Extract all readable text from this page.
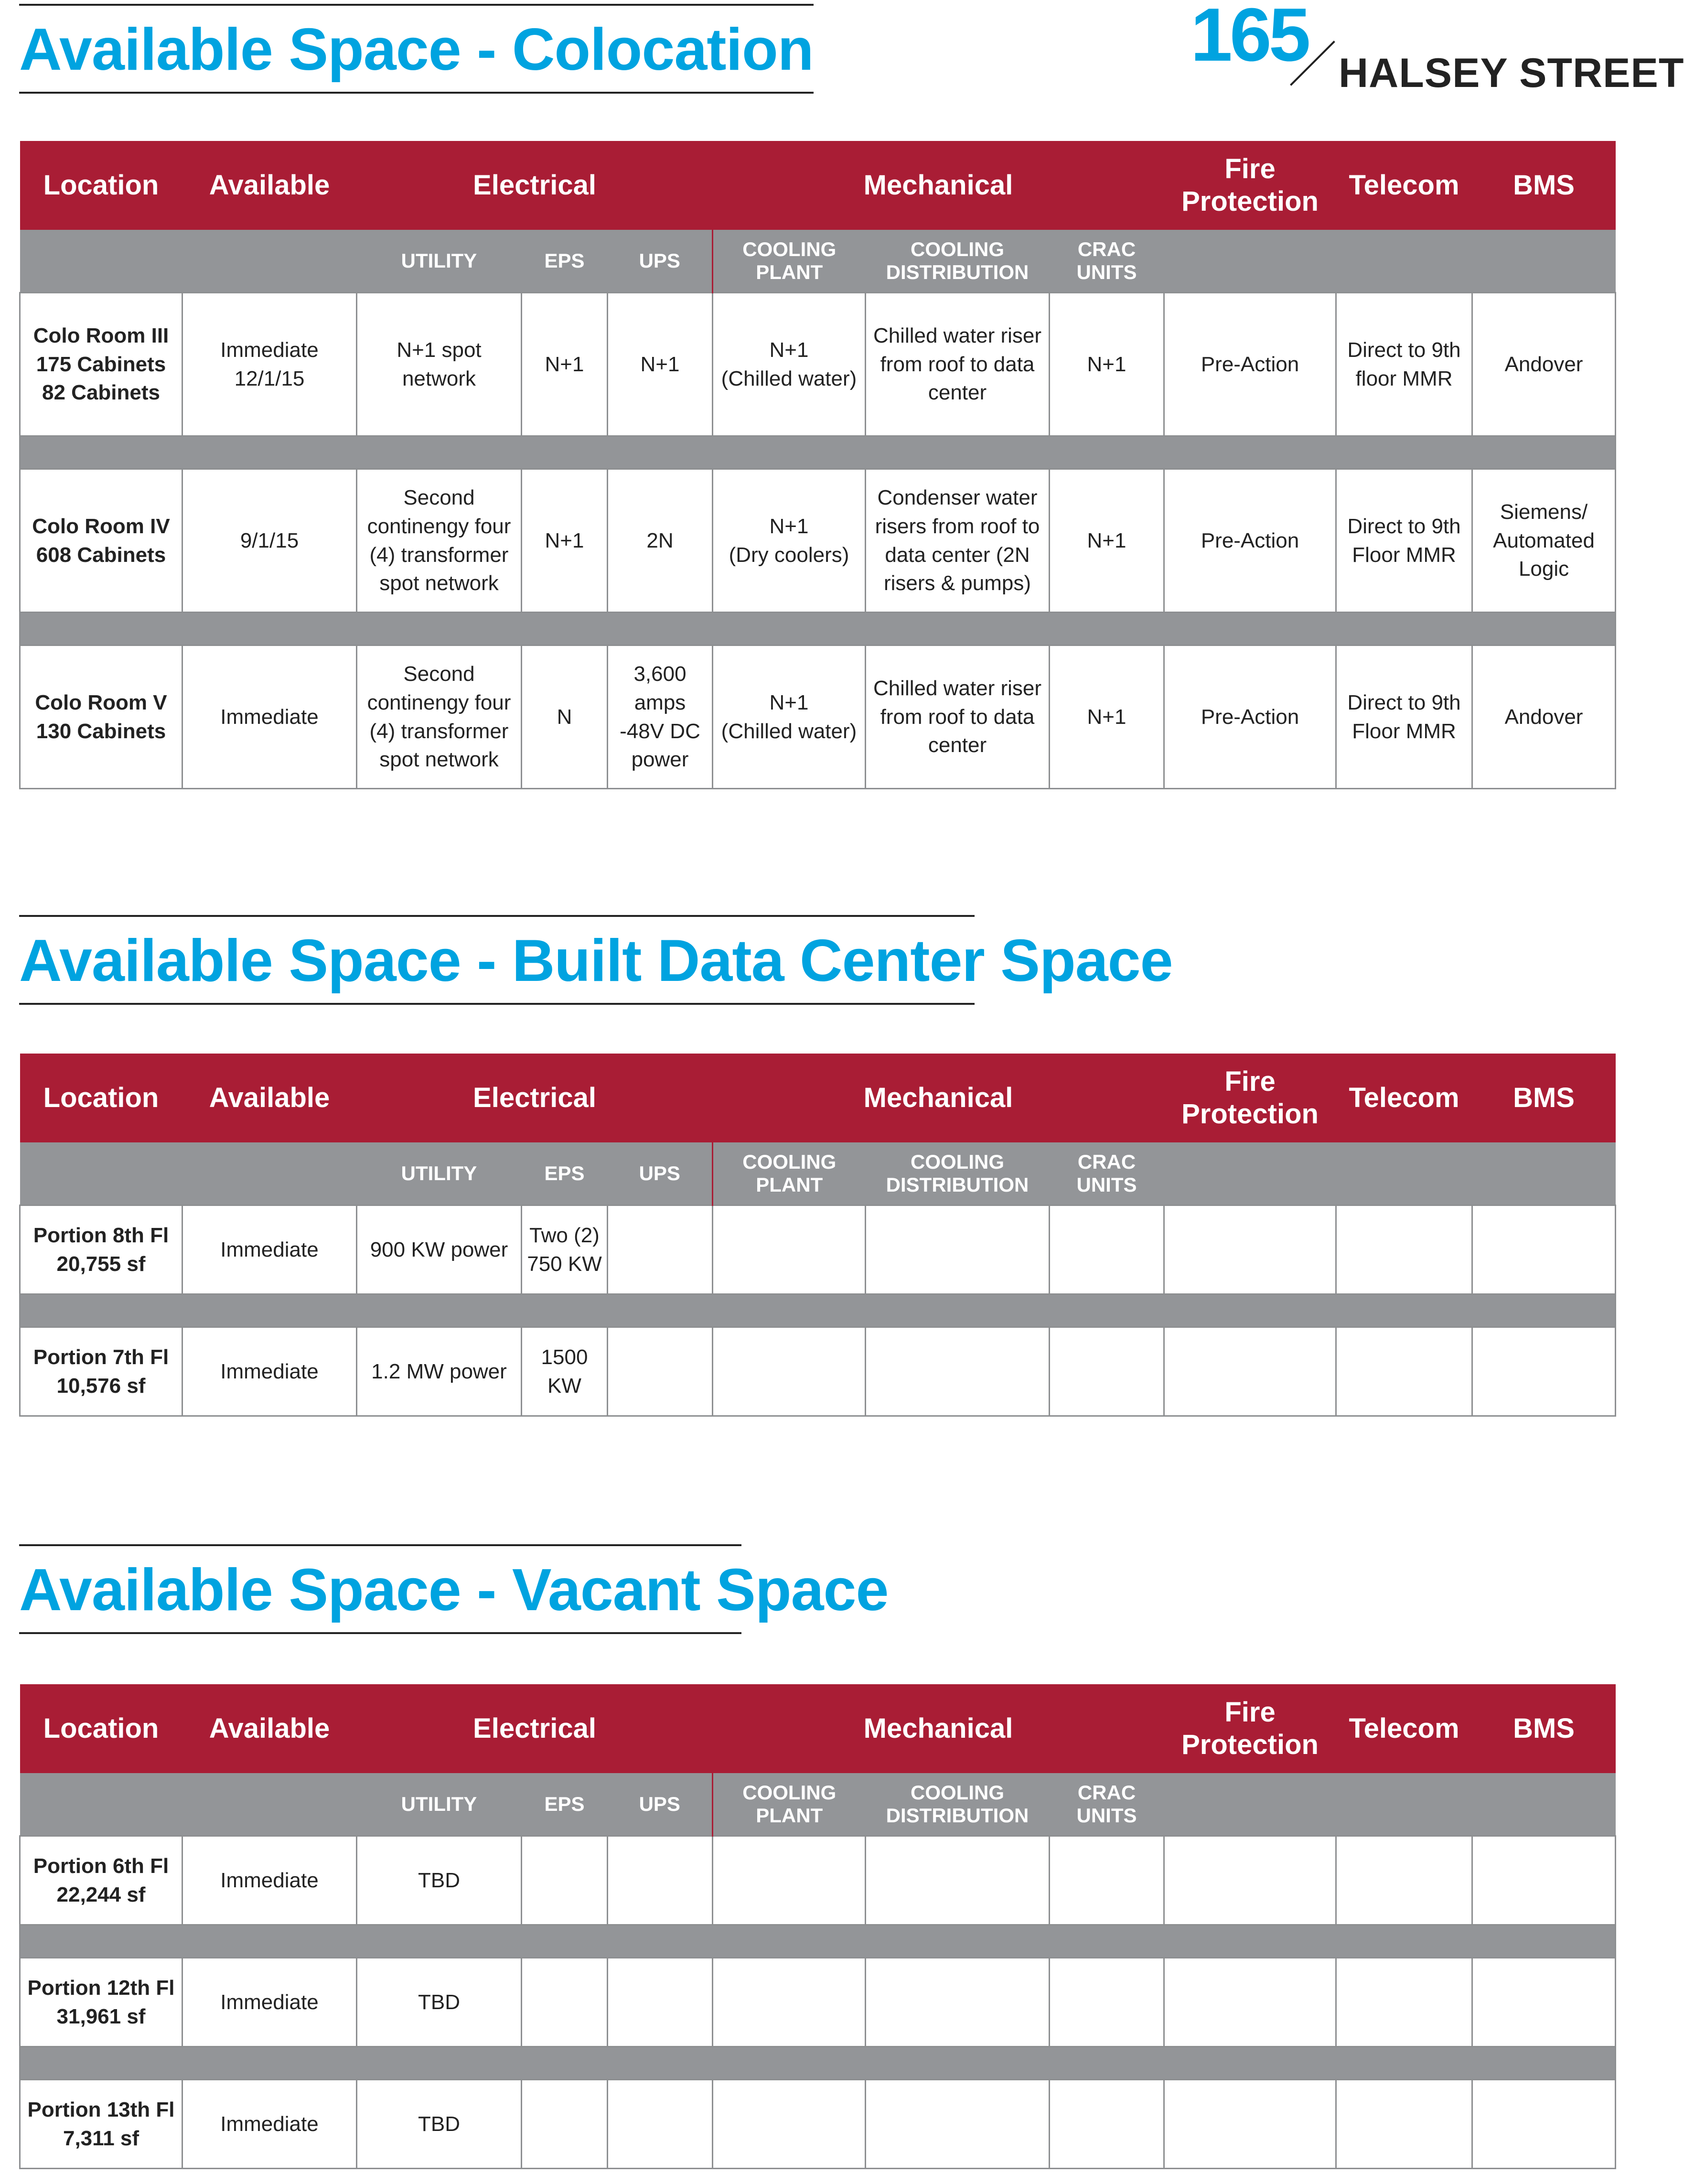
165 HALSEY STREET
Available Space - Colocation
Location	Available	Electrical			Mechanical			Fire
Protection	Telecom	BMS
		UTILITY	EPS	UPS	COOLING
PLANT	COOLING
DISTRIBUTION	CRAC
UNITS			
Colo Room III
175 Cabinets
82 Cabinets	Immediate
12/1/15	N+1 spot
network	N+1	N+1	N+1
(Chilled water)	Chilled water riser
from roof to data
center	N+1	Pre-Action	Direct to 9th
floor MMR	Andover

Colo Room IV
608 Cabinets	9/1/15	Second
continengy four
(4) transformer
spot network	N+1	2N	N+1
(Dry coolers)	Condenser water
risers from roof to
data center (2N
risers & pumps)	N+1	Pre-Action	Direct to 9th
Floor MMR	Siemens/
Automated
Logic

Colo Room V
130 Cabinets	Immediate	Second
continengy four
(4) transformer
spot network	N	3,600
amps
-48V DC
power	N+1
(Chilled water)	Chilled water riser
from roof to data
center	N+1	Pre-Action	Direct to 9th
Floor MMR	Andover
Available Space - Built Data Center Space
Location	Available	Electrical			Mechanical			Fire
Protection	Telecom	BMS
		UTILITY	EPS	UPS	COOLING
PLANT	COOLING
DISTRIBUTION	CRAC
UNITS			
Portion 8th Fl
20,755 sf	Immediate	900 KW power	Two (2)
750 KW							

Portion 7th Fl
10,576 sf	Immediate	1.2 MW power	1500
KW							
Available Space - Vacant Space
Location	Available	Electrical			Mechanical			Fire
Protection	Telecom	BMS
		UTILITY	EPS	UPS	COOLING
PLANT	COOLING
DISTRIBUTION	CRAC
UNITS			
Portion 6th Fl
22,244 sf	Immediate	TBD								

Portion 12th Fl
31,961 sf	Immediate	TBD								

Portion 13th Fl
7,311 sf	Immediate	TBD								
